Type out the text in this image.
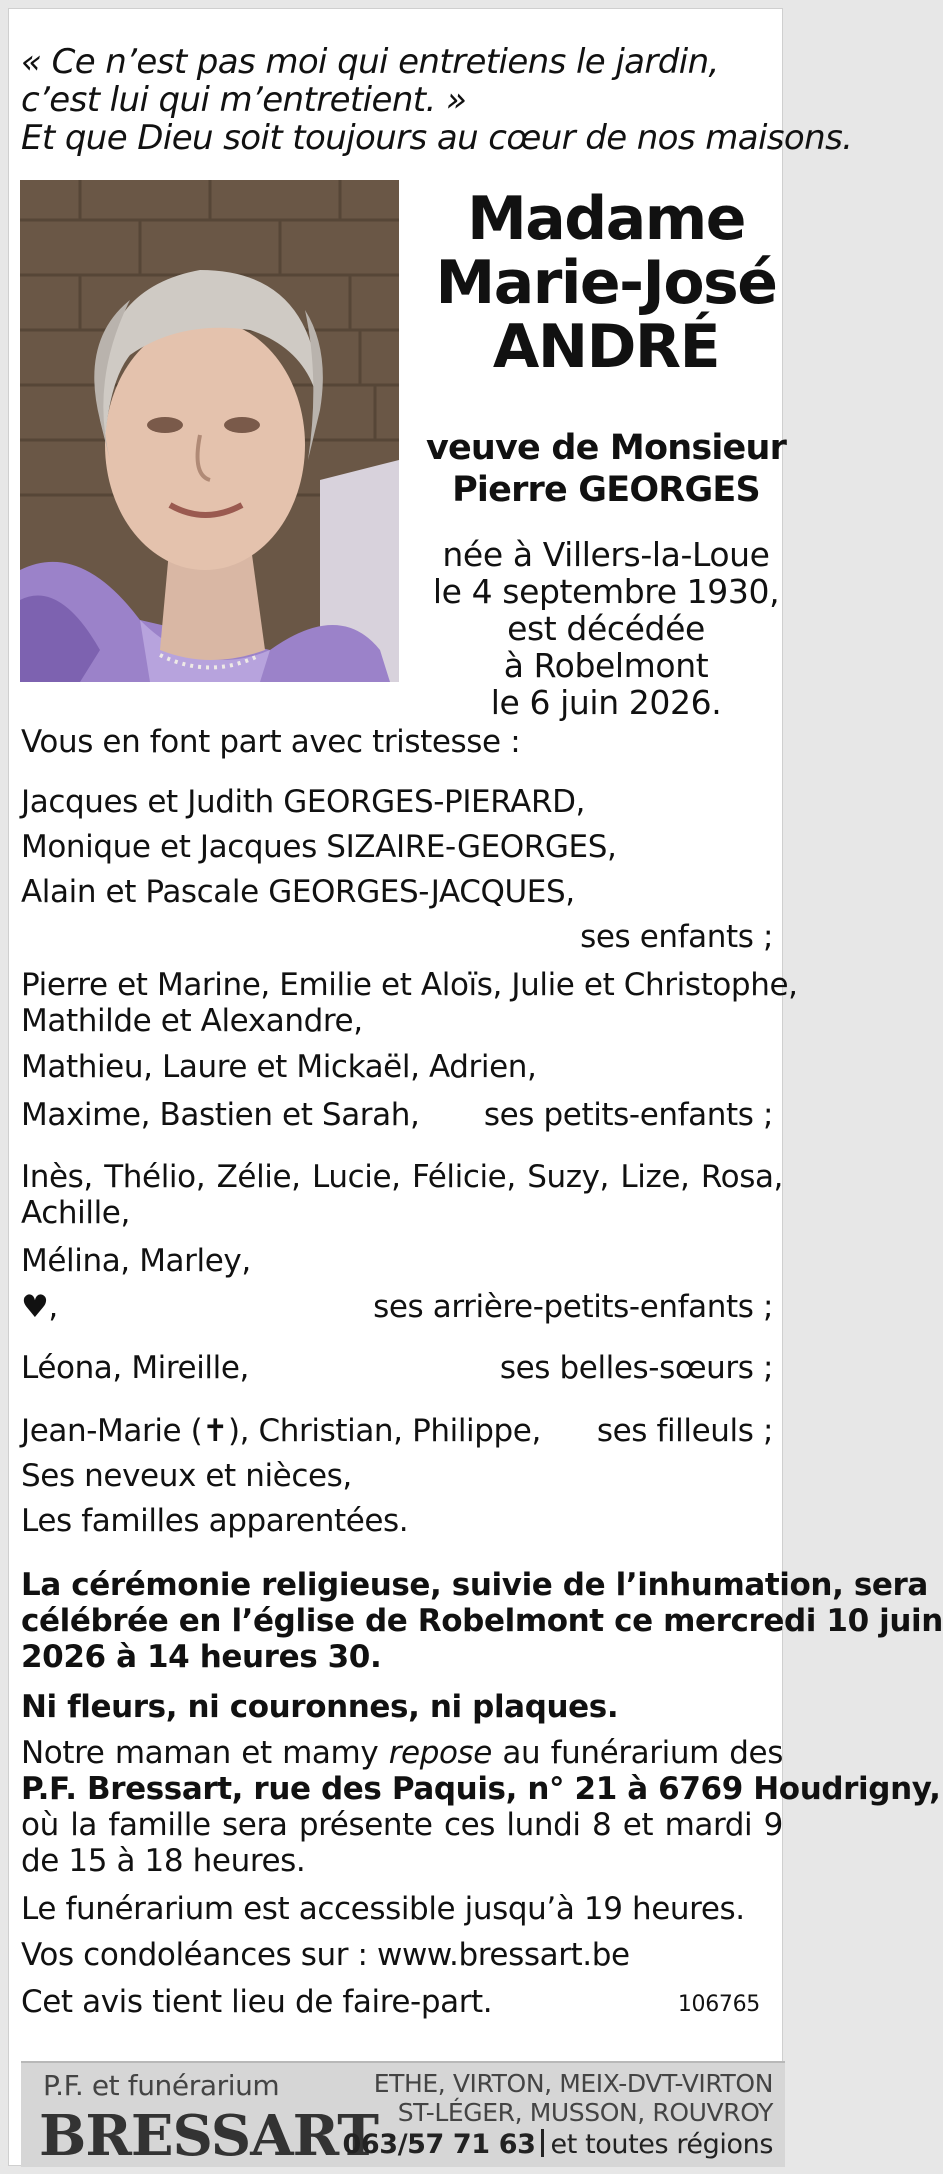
« Ce n’est pas moi qui entretiens le jardin,
c’est lui qui m’entretient. »
Et que Dieu soit toujours au cœur de nos maisons.
Madame
Marie-José
ANDRÉ
veuve de Monsieur
Pierre GEORGES
née à Villers-la-Loue
le 4 septembre 1930,
est décédée
à Robelmont
le 6 juin 2026.
Vous en font part avec tristesse :
Jacques et Judith GEORGES-PIERARD,
Monique et Jacques SIZAIRE-GEORGES,
Alain et Pascale GEORGES-JACQUES,
ses enfants ;
Pierre et Marine, Emilie et Aloïs, Julie et Christophe,
Mathilde et Alexandre,
Mathieu, Laure et Mickaël, Adrien,
Maxime, Bastien et Sarah,	ses petits-enfants ;
Inès, Thélio, Zélie, Lucie, Félicie, Suzy, Lize, Rosa,
Achille,
Mélina, Marley,
♥,	ses arrière-petits-enfants ;
Léona, Mireille,	ses belles-sœurs ;
Jean-Marie (✝), Christian, Philippe,	ses filleuls ;
Ses neveux et nièces,
Les familles apparentées.
La cérémonie religieuse, suivie de l’inhumation, sera
célébrée en l’église de Robelmont ce mercredi 10 juin
2026 à 14 heures 30.
Ni fleurs, ni couronnes, ni plaques.
Notre maman et mamy repose au funérarium des
P.F. Bressart, rue des Paquis, n° 21 à 6769 Houdrigny,
où la famille sera présente ces lundi 8 et mardi 9
de 15 à 18 heures.
Le funérarium est accessible jusqu’à 19 heures.
Vos condoléances sur : www.bressart.be
Cet avis tient lieu de faire-part.	106765
P.F. et funérarium
BRESSART
ETHE, VIRTON, MEIX-DVT-VIRTON
ST-LÉGER, MUSSON, ROUVROY
063/57 71 63 et toutes régions
